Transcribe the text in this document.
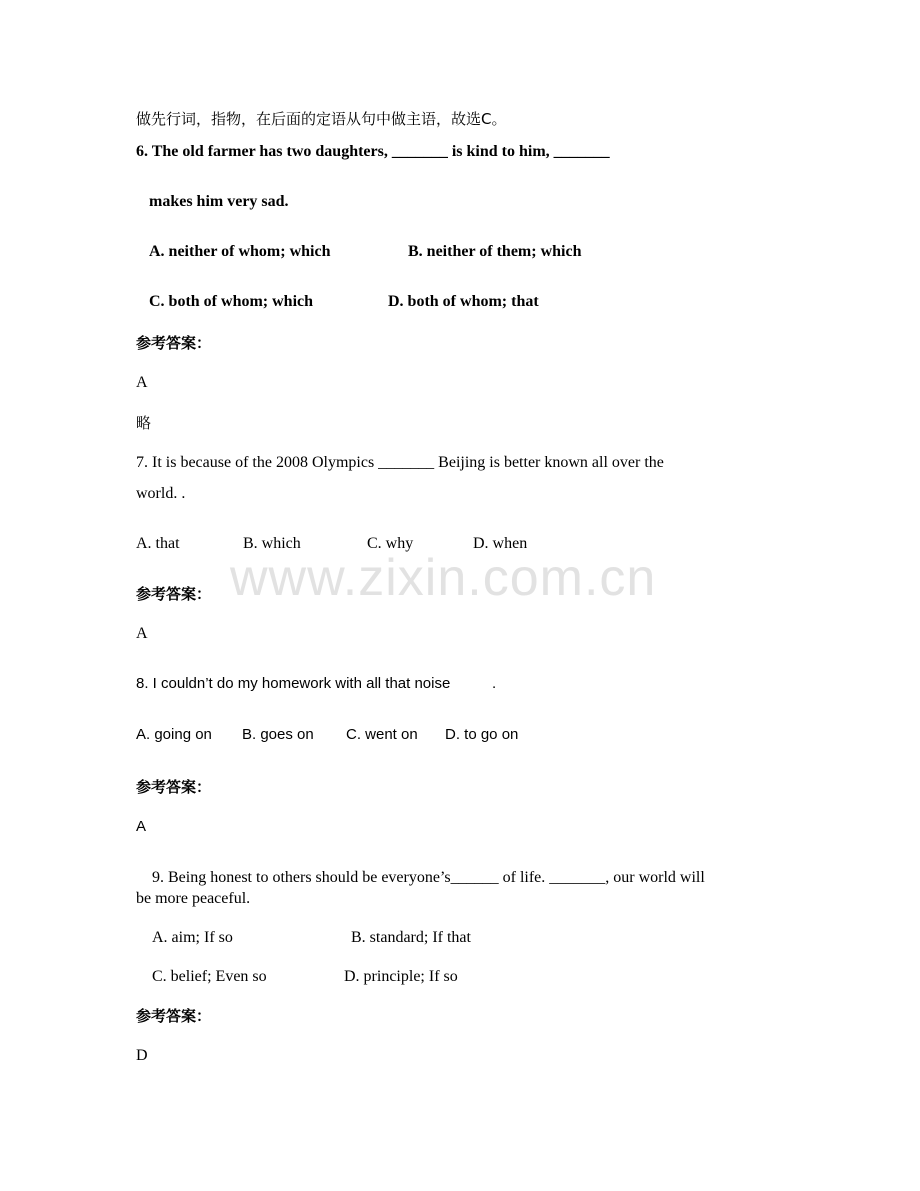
www.zixin.com.cn
做先行词，指物，在后面的定语从句中做主语，故选C。
6. The old farmer has two daughters, _______ is kind to him, _______
makes him very sad.
A. neither of whom; which	B. neither of them; which
C. both of whom; which	D. both of whom; that
参考答案：
A
略
7. It is because of the 2008 Olympics _______ Beijing is better known all over the
world. .
A. that	B. which	C. why	D. when
参考答案：
A
8. I couldn’t do my homework with all that noise          .
A. going on B. goes on C. went on D. to go on
参考答案：
A
9. Being honest to others should be everyone’s______ of life. _______, our world will
be more peaceful.
A. aim; If so	B. standard; If that
C. belief; Even so	D. principle; If so
参考答案：
D
